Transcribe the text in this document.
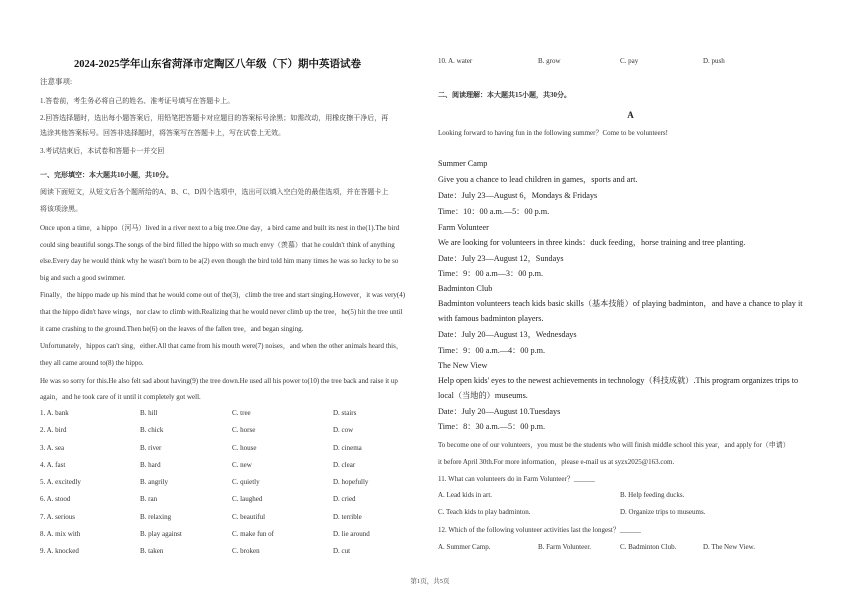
2024-2025学年山东省菏泽市定陶区八年级（下）期中英语试卷
注意事项:
1.答卷前，考生务必将自己的姓名、准考证号填写在答题卡上。
2.回答选择题时，选出每小题答案后，用铅笔把答题卡对应题目的答案标号涂黑；如需改动，用橡皮擦干净后，再
选涂其他答案标号。回答非选择题时，将答案写在答题卡上，写在试卷上无效。
3.考试结束后，本试卷和答题卡一并交回
一、完形填空：本大题共10小题，共10分。
阅读下面短文，从短文后各个题所给的A、B、C、D四个选项中，选出可以填入空白处的最佳选项，并在答题卡上
将该项涂黑。
Once upon a time，a hippo（河马）lived in a river next to a big tree.One day，a bird came and built its nest in the(1).The bird
could sing beautiful songs.The songs of the bird filled the hippo with so much envy（羡慕）that he couldn't think of anything
else.Every day he would think why he wasn't born to be a(2) even though the bird told him many times he was so lucky to be so
big and such a good swimmer.
Finally，the hippo made up his mind that he would come out of the(3)，climb the tree and start singing.However，it was very(4)
that the hippo didn't have wings，nor claw to climb with.Realizing that he would never climb up the tree，he(5) hit the tree until
it came crashing to the ground.Then he(6) on the leaves of the fallen tree，and began singing.
Unfortunately，hippos can't sing，either.All that came from his mouth were(7) noises，and when the other animals heard this，
they all came around to(8) the hippo.
He was so sorry for this.He also felt sad about having(9) the tree down.He used all his power to(10) the tree back and raise it up
again，and he took care of it until it completely got well.
1. A. bank	B. hill	C. tree	D. stairs
2. A. bird	B. chick	C. horse	D. cow
3. A. sea	B. river	C. house	D. cinema
4. A. fast	B. hard	C. new	D. clear
5. A. excitedly	B. angrily	C. quietly	D. hopefully
6. A. stood	B. ran	C. laughed	D. cried
7. A. serious	B. relaxing	C. beautiful	D. terrible
8. A. mix with	B. play against	C. make fun of	D. lie around
9. A. knocked	B. taken	C. broken	D. cut
10. A. water	B. grow	C. pay	D. push
二、阅读理解：本大题共15小题，共30分。
A
Looking forward to having fun in the following summer？Come to be volunteers!
Summer Camp
Give you a chance to lead children in games，sports and art.
Date：July 23—August 6，Mondays & Fridays
Time：10：00 a.m.—5：00 p.m.
Farm Volunteer
We are looking for volunteers in three kinds：duck feeding，horse training and tree planting.
Date：July 23—August 12，Sundays
Time：9：00 a.m—3：00 p.m.
Badminton Club
Badminton volunteers teach kids basic skills（基本技能）of playing badminton，and have a chance to play it
with famous badminton players.
Date：July 20—August 13，Wednesdays
Time：9：00 a.m.—4：00 p.m.
The New View
Help open kids' eyes to the newest achievements in technology（科技成就）.This program organizes trips to
local（当地的）museums.
Date：July 20—August 10.Tuesdays
Time：8：30 a.m.—5：00 p.m.
To become one of our volunteers，you must be the students who will finish middle school this year，and apply for（申请）
it before April 30th.For more information，please e-mail us at syzx2025@163.com.
11. What can volunteers do in Farm Volunteer？______
A. Lead kids in art.	B. Help feeding ducks.
C. Teach kids to play badminton.	D. Organize trips to museums.
12. Which of the following volunteer activities last the longest？______
A. Summer Camp.	B. Farm Volunteer.	C. Badminton Club.	D. The New View.
第1页，共5页
